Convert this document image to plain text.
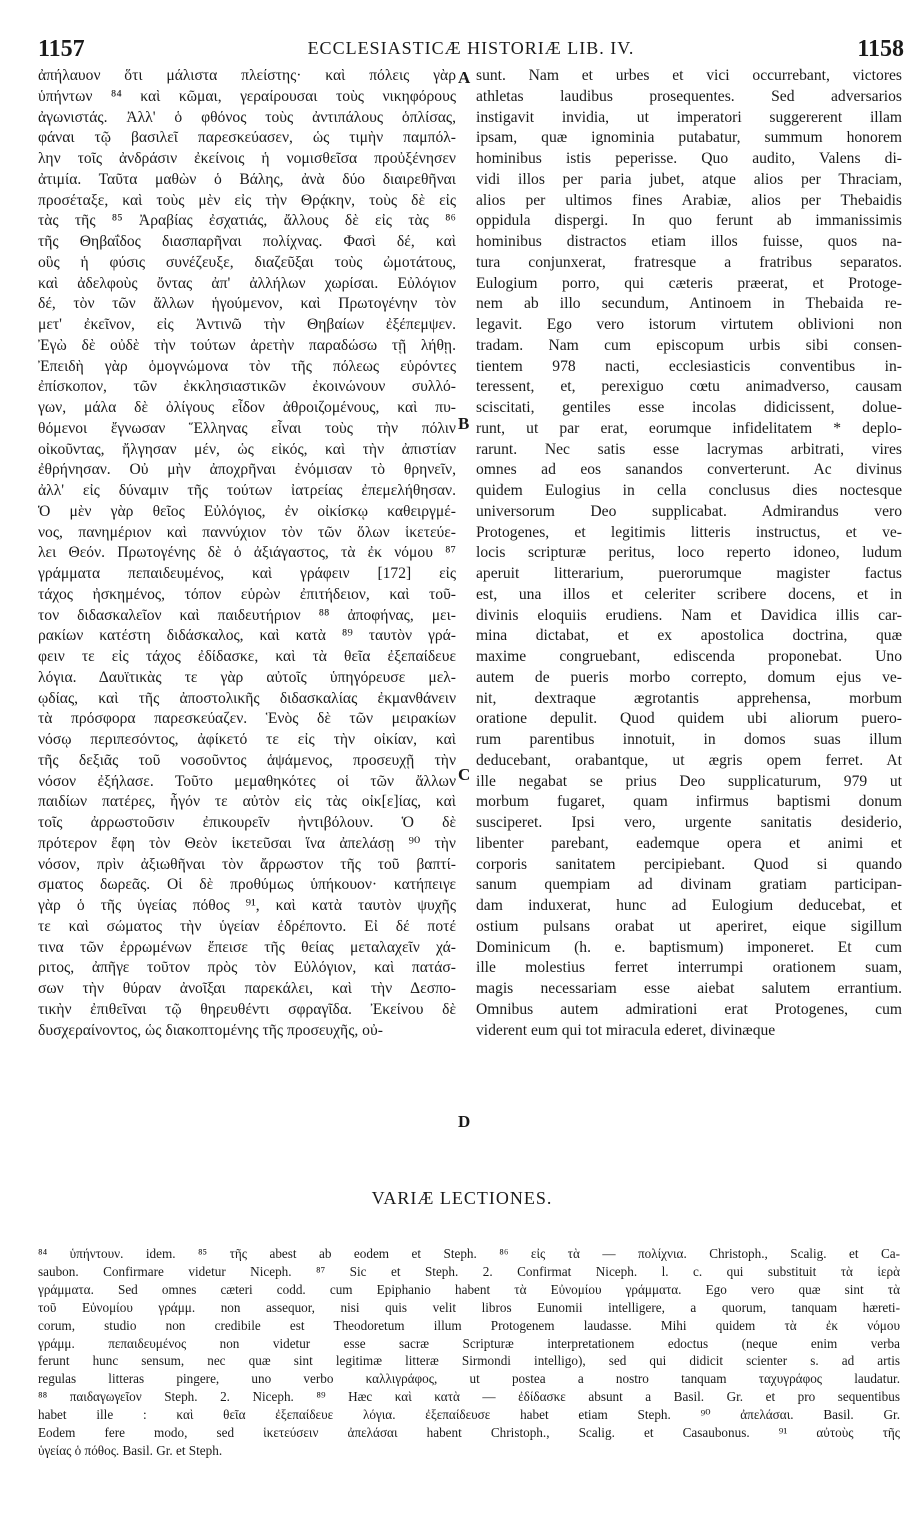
1157	ECCLESIASTICÆ HISTORIÆ LIB. IV.	1158
ἀπήλαυον ὅτι μάλιστα πλείστης· καὶ πόλεις γὰρ
ὑπήντων ⁸⁴ καὶ κῶμαι, γεραίρουσαι τοὺς νικηφόρους
ἀγωνιστάς. Ἀλλ' ὁ φθόνος τοὺς ἀντιπάλους ὁπλίσας,
φάναι τῷ βασιλεῖ παρεσκεύασεν, ὡς τιμὴν παμπόλ-
λην τοῖς ἀνδράσιν ἐκείνοις ἡ νομισθεῖσα προὐξένησεν
ἀτιμία. Ταῦτα μαθὼν ὁ Βάλης, ἀνὰ δύο διαιρεθῆναι
προσέταξε, καὶ τοὺς μὲν εἰς τὴν Θρᾴκην, τοὺς δὲ εἰς
τὰς τῆς ⁸⁵ Ἀραβίας ἐσχατιάς, ἄλλους δὲ εἰς τὰς ⁸⁶
τῆς Θηβαΐδος διασπαρῆναι πολίχνας. Φασὶ δέ, καὶ
οὓς ἡ φύσις συνέζευξε, διαζεῦξαι τοὺς ὠμοτάτους,
καὶ ἀδελφοὺς ὄντας ἀπ' ἀλλήλων χωρίσαι. Εὐλόγιον
δέ, τὸν τῶν ἄλλων ἡγούμενον, καὶ Πρωτογένην τὸν
μετ' ἐκεῖνον, εἰς Ἀντινῶ τὴν Θηβαίων ἐξέπεμψεν.
Ἐγὼ δὲ οὐδὲ τὴν τούτων ἀρετὴν παραδώσω τῇ λήθῃ.
Ἐπειδὴ γὰρ ὁμογνώμονα τὸν τῆς πόλεως εὑρόντες
ἐπίσκοπον, τῶν ἐκκλησιαστικῶν ἐκοινώνουν συλλό-
γων, μάλα δὲ ὀλίγους εἶδον ἀθροιζομένους, καὶ πυ-
θόμενοι ἔγνωσαν Ἕλληνας εἶναι τοὺς τὴν πόλιν
οἰκοῦντας, ἤλγησαν μέν, ὡς εἰκός, καὶ τὴν ἀπιστίαν
ἐθρήνησαν. Οὐ μὴν ἀποχρῆναι ἐνόμισαν τὸ θρηνεῖν,
ἀλλ' εἰς δύναμιν τῆς τούτων ἰατρείας ἐπεμελήθησαν.
Ὁ μὲν γὰρ θεῖος Εὐλόγιος, ἐν οἰκίσκῳ καθειργμέ-
νος, πανημέριον καὶ παννύχιον τὸν τῶν ὅλων ἱκετεύε-
λει Θεόν. Πρωτογένης δὲ ὁ ἀξιάγαστος, τὰ ἐκ νόμου ⁸⁷
γράμματα πεπαιδευμένος, καὶ γράφειν [172] εἰς
τάχος ἠσκημένος, τόπον εὑρὼν ἐπιτήδειον, καὶ τοῦ-
τον διδασκαλεῖον καὶ παιδευτήριον ⁸⁸ ἀποφήνας, μει-
ρακίων κατέστη διδάσκαλος, καὶ κατὰ ⁸⁹ ταυτὸν γρά-
φειν τε εἰς τάχος ἐδίδασκε, καὶ τὰ θεῖα ἐξεπαίδευε
λόγια. Δαυϊτικὰς τε γὰρ αὐτοῖς ὑπηγόρευσε μελ-
ῳδίας, καὶ τῆς ἀποστολικῆς διδασκαλίας ἐκμανθάνειν
τὰ πρόσφορα παρεσκεύαζεν. Ἑνὸς δὲ τῶν μειρακίων
νόσῳ περιπεσόντος, ἀφίκετό τε εἰς τὴν οἰκίαν, καὶ
τῆς δεξιᾶς τοῦ νοσοῦντος ἁψάμενος, προσευχῇ τὴν
νόσον ἐξήλασε. Τοῦτο μεμαθηκότες οἱ τῶν ἄλλων
παιδίων πατέρες, ἦγόν τε αὐτὸν εἰς τὰς οἰκ[ε]ίας, καὶ
τοῖς ἀρρωστοῦσιν ἐπικουρεῖν ἠντιβόλουν. Ὁ δὲ
πρότερον ἔφη τὸν Θεὸν ἱκετεῦσαι ἵνα ἀπελάσῃ ⁹⁰ τὴν
νόσον, πρὶν ἀξιωθῆναι τὸν ἄρρωστον τῆς τοῦ βαπτί-
σματος δωρεᾶς. Οἱ δὲ προθύμως ὑπήκουον· κατήπειγε
γὰρ ὁ τῆς ὑγείας πόθος ⁹¹, καὶ κατὰ ταυτὸν ψυχῆς
τε καὶ σώματος τὴν ὑγείαν ἐδρέποντο. Εἰ δέ ποτέ
τινα τῶν ἐρρωμένων ἔπεισε τῆς θείας μεταλαχεῖν χά-
ριτος, ἀπῆγε τοῦτον πρὸς τὸν Εὐλόγιον, καὶ πατάσ-
σων τὴν θύραν ἀνοῖξαι παρεκάλει, καὶ τὴν Δεσπο-
τικὴν ἐπιθεῖναι τῷ θηρευθέντι σφραγῖδα. Ἐκείνου δὲ
δυσχεραίνοντος, ὡς διακοπτομένης τῆς προσευχῆς, οὐ-
sunt. Nam et urbes et vici occurrebant, victores
athletas laudibus prosequentes. Sed adversarios
instigavit invidia, ut imperatori suggererent illam
ipsam, quæ ignominia putabatur, summum honorem
hominibus istis peperisse. Quo audito, Valens di-
vidi illos per paria jubet, atque alios per Thraciam,
alios per ultimos fines Arabiæ, alios per Thebaidis
oppidula dispergi. In quo ferunt ab immanissimis
hominibus distractos etiam illos fuisse, quos na-
tura conjunxerat, fratresque a fratribus separatos.
Eulogium porro, qui cæteris præerat, et Protoge-
nem ab illo secundum, Antinoem in Thebaida re-
legavit. Ego vero istorum virtutem oblivioni non
tradam. Nam cum episcopum urbis sibi consen-
tientem 978 nacti, ecclesiasticis conventibus in-
teressent, et, perexiguo cœtu animadverso, causam
sciscitati, gentiles esse incolas didicissent, dolue-
runt, ut par erat, eorumque infidelitatem * deplo-
rarunt. Nec satis esse lacrymas arbitrati, vires
omnes ad eos sanandos converterunt. Ac divinus
quidem Eulogius in cella conclusus dies noctesque
universorum Deo supplicabat. Admirandus vero
Protogenes, et legitimis litteris instructus, et ve-
locis scripturæ peritus, loco reperto idoneo, ludum
aperuit litterarium, puerorumque magister factus
est, una illos et celeriter scribere docens, et in
divinis eloquiis erudiens. Nam et Davidica illis car-
mina dictabat, et ex apostolica doctrina, quæ
maxime congruebant, ediscenda proponebat. Uno
autem de pueris morbo correpto, domum ejus ve-
nit, dextraque ægrotantis apprehensa, morbum
oratione depulit. Quod quidem ubi aliorum puero-
rum parentibus innotuit, in domos suas illum
deducebant, orabantque, ut ægris opem ferret. At
ille negabat se prius Deo supplicaturum, 979 ut
morbum fugaret, quam infirmus baptismi donum
susciperet. Ipsi vero, urgente sanitatis desiderio,
libenter parebant, eademque opera et animi et
corporis sanitatem percipiebant. Quod si quando
sanum quempiam ad divinam gratiam participan-
dam induxerat, hunc ad Eulogium deducebat, et
ostium pulsans orabat ut aperiret, eique sigillum
Dominicum (h. e. baptismum) imponeret. Et cum
ille molestius ferret interrumpi orationem suam,
magis necessariam esse aiebat salutem errantium.
Omnibus autem admirationi erat Protogenes, cum
viderent eum qui tot miracula ederet, divinæque
A
B
C
D
VARIÆ LECTIONES.
⁸⁴ ὑπήντουν. idem. ⁸⁵ τῆς abest ab eodem et Steph. ⁸⁶ εἰς τὰ — πολίχνια. Christoph., Scalig. et Ca-
saubon. Confirmare videtur Niceph. ⁸⁷ Sic et Steph. 2. Confirmat Niceph. l. c. qui substituit τὰ ἱερὰ
γράμματα. Sed omnes cæteri codd. cum Epiphanio habent τὰ Εὐνομίου γράμματα. Ego vero quæ sint τὰ
τοῦ Εὐνομίου γράμμ. non assequor, nisi quis velit libros Eunomii intelligere, a quorum, tanquam hæreti-
corum, studio non credibile est Theodoretum illum Protogenem laudasse. Mihi quidem τὰ ἐκ νόμου
γράμμ. πεπαιδευμένος non videtur esse sacræ Scripturæ interpretationem edoctus (neque enim verba
ferunt hunc sensum, nec quæ sint legitimæ litteræ Sirmondi intelligo), sed qui didicit scienter s. ad artis
regulas litteras pingere, uno verbo καλλιγράφος, ut postea a nostro tanquam ταχυγράφος laudatur.
⁸⁸ παιδαγωγεῖον Steph. 2. Niceph. ⁸⁹ Hæc καὶ κατὰ — ἐδίδασκε absunt a Basil. Gr. et pro sequentibus
habet ille : καὶ θεῖα ἐξεπαίδευε λόγια. ἐξεπαίδευσε habet etiam Steph. ⁹⁰ ἀπελάσαι. Basil. Gr.
Eodem fere modo, sed ἱκετεύσειν ἀπελάσαι habent Christoph., Scalig. et Casaubonus. ⁹¹ αὐτοὺς τῆς
ὑγείας ὁ πόθος. Basil. Gr. et Steph.
